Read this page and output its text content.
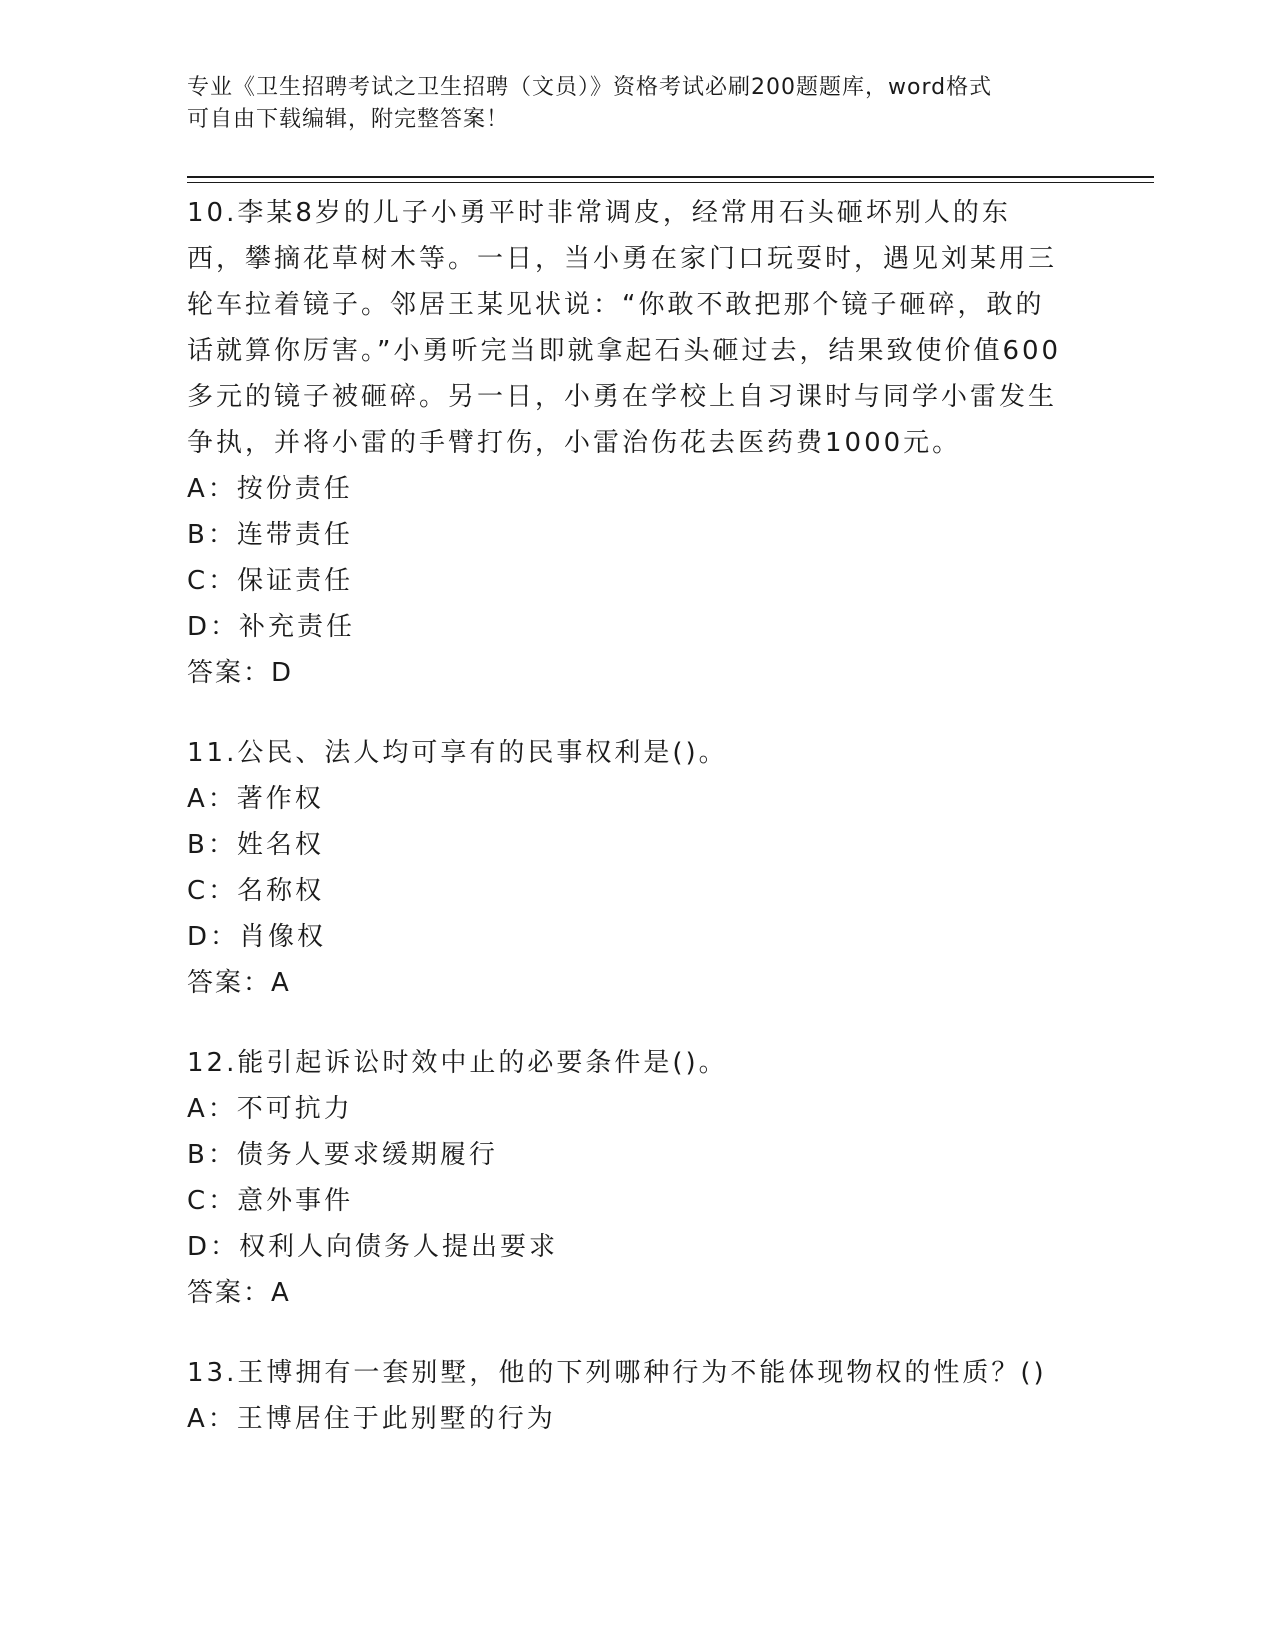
专业《卫生招聘考试之卫生招聘（文员）》资格考试必刷200题题库，word格式
可自由下载编辑，附完整答案！
10.李某8岁的儿子小勇平时非常调皮，经常用石头砸坏别人的东西，攀摘花草树木等。一日，当小勇在家门口玩耍时，遇见刘某用三轮车拉着镜子。邻居王某见状说：“你敢不敢把那个镜子砸碎，敢的话就算你厉害。”小勇听完当即就拿起石头砸过去，结果致使价值600多元的镜子被砸碎。另一日，小勇在学校上自习课时与同学小雷发生争执，并将小雷的手臂打伤，小雷治伤花去医药费1000元。
A：按份责任
B：连带责任
C：保证责任
D：补充责任
答案：D
11.公民、法人均可享有的民事权利是()。
A：著作权
B：姓名权
C：名称权
D：肖像权
答案：A
12.能引起诉讼时效中止的必要条件是()。
A：不可抗力
B：债务人要求缓期履行
C：意外事件
D：权利人向债务人提出要求
答案：A
13.王博拥有一套别墅，他的下列哪种行为不能体现物权的性质？()
A：王博居住于此别墅的行为
